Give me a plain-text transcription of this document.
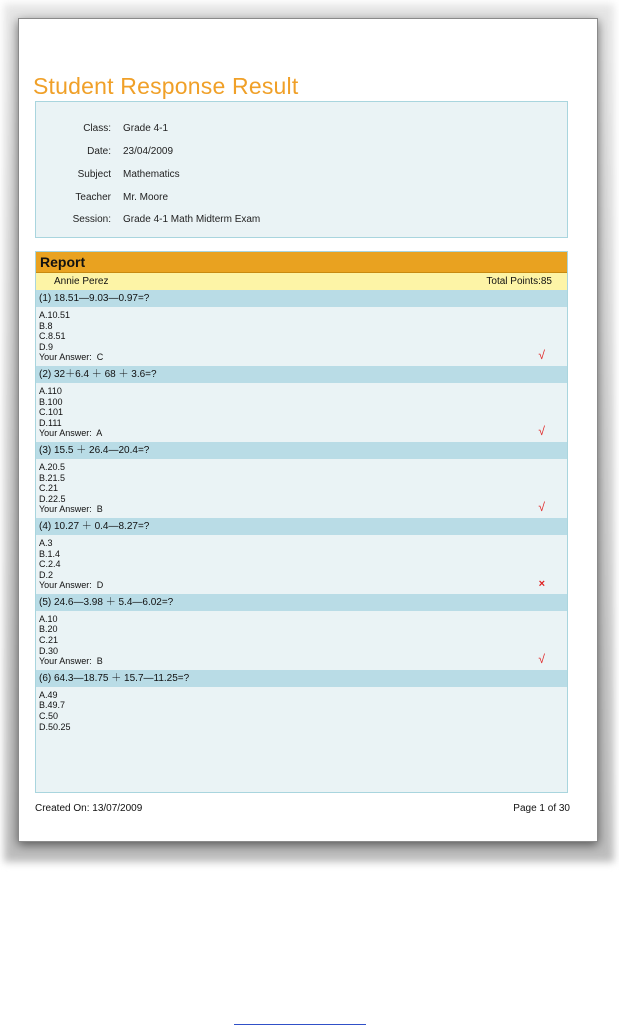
Student Response Result
Class: Grade 4-1
Date: 23/04/2009
Subject Mathematics
Teacher Mr. Moore
Session: Grade 4-1 Math Midterm Exam
Report
Annie Perez	Total Points:85
(1) 18.51—9.03—0.97=?
A.10.51
B.8
C.8.51
D.9
Your Answer: C	√
(2) 32＋6.4 ＋ 68 ＋ 3.6=?
A.110
B.100
C.101
D.111
Your Answer: A	√
(3) 15.5 ＋ 26.4—20.4=?
A.20.5
B.21.5
C.21
D.22.5
Your Answer: B	√
(4) 10.27 ＋ 0.4—8.27=?
A.3
B.1.4
C.2.4
D.2
Your Answer: D	×
(5) 24.6—3.98 ＋ 5.4—6.02=?
A.10
B.20
C.21
D.30
Your Answer: B	√
(6) 64.3—18.75 ＋ 15.7—11.25=?
A.49
B.49.7
C.50
D.50.25
Created On: 13/07/2009	Page 1 of 30
